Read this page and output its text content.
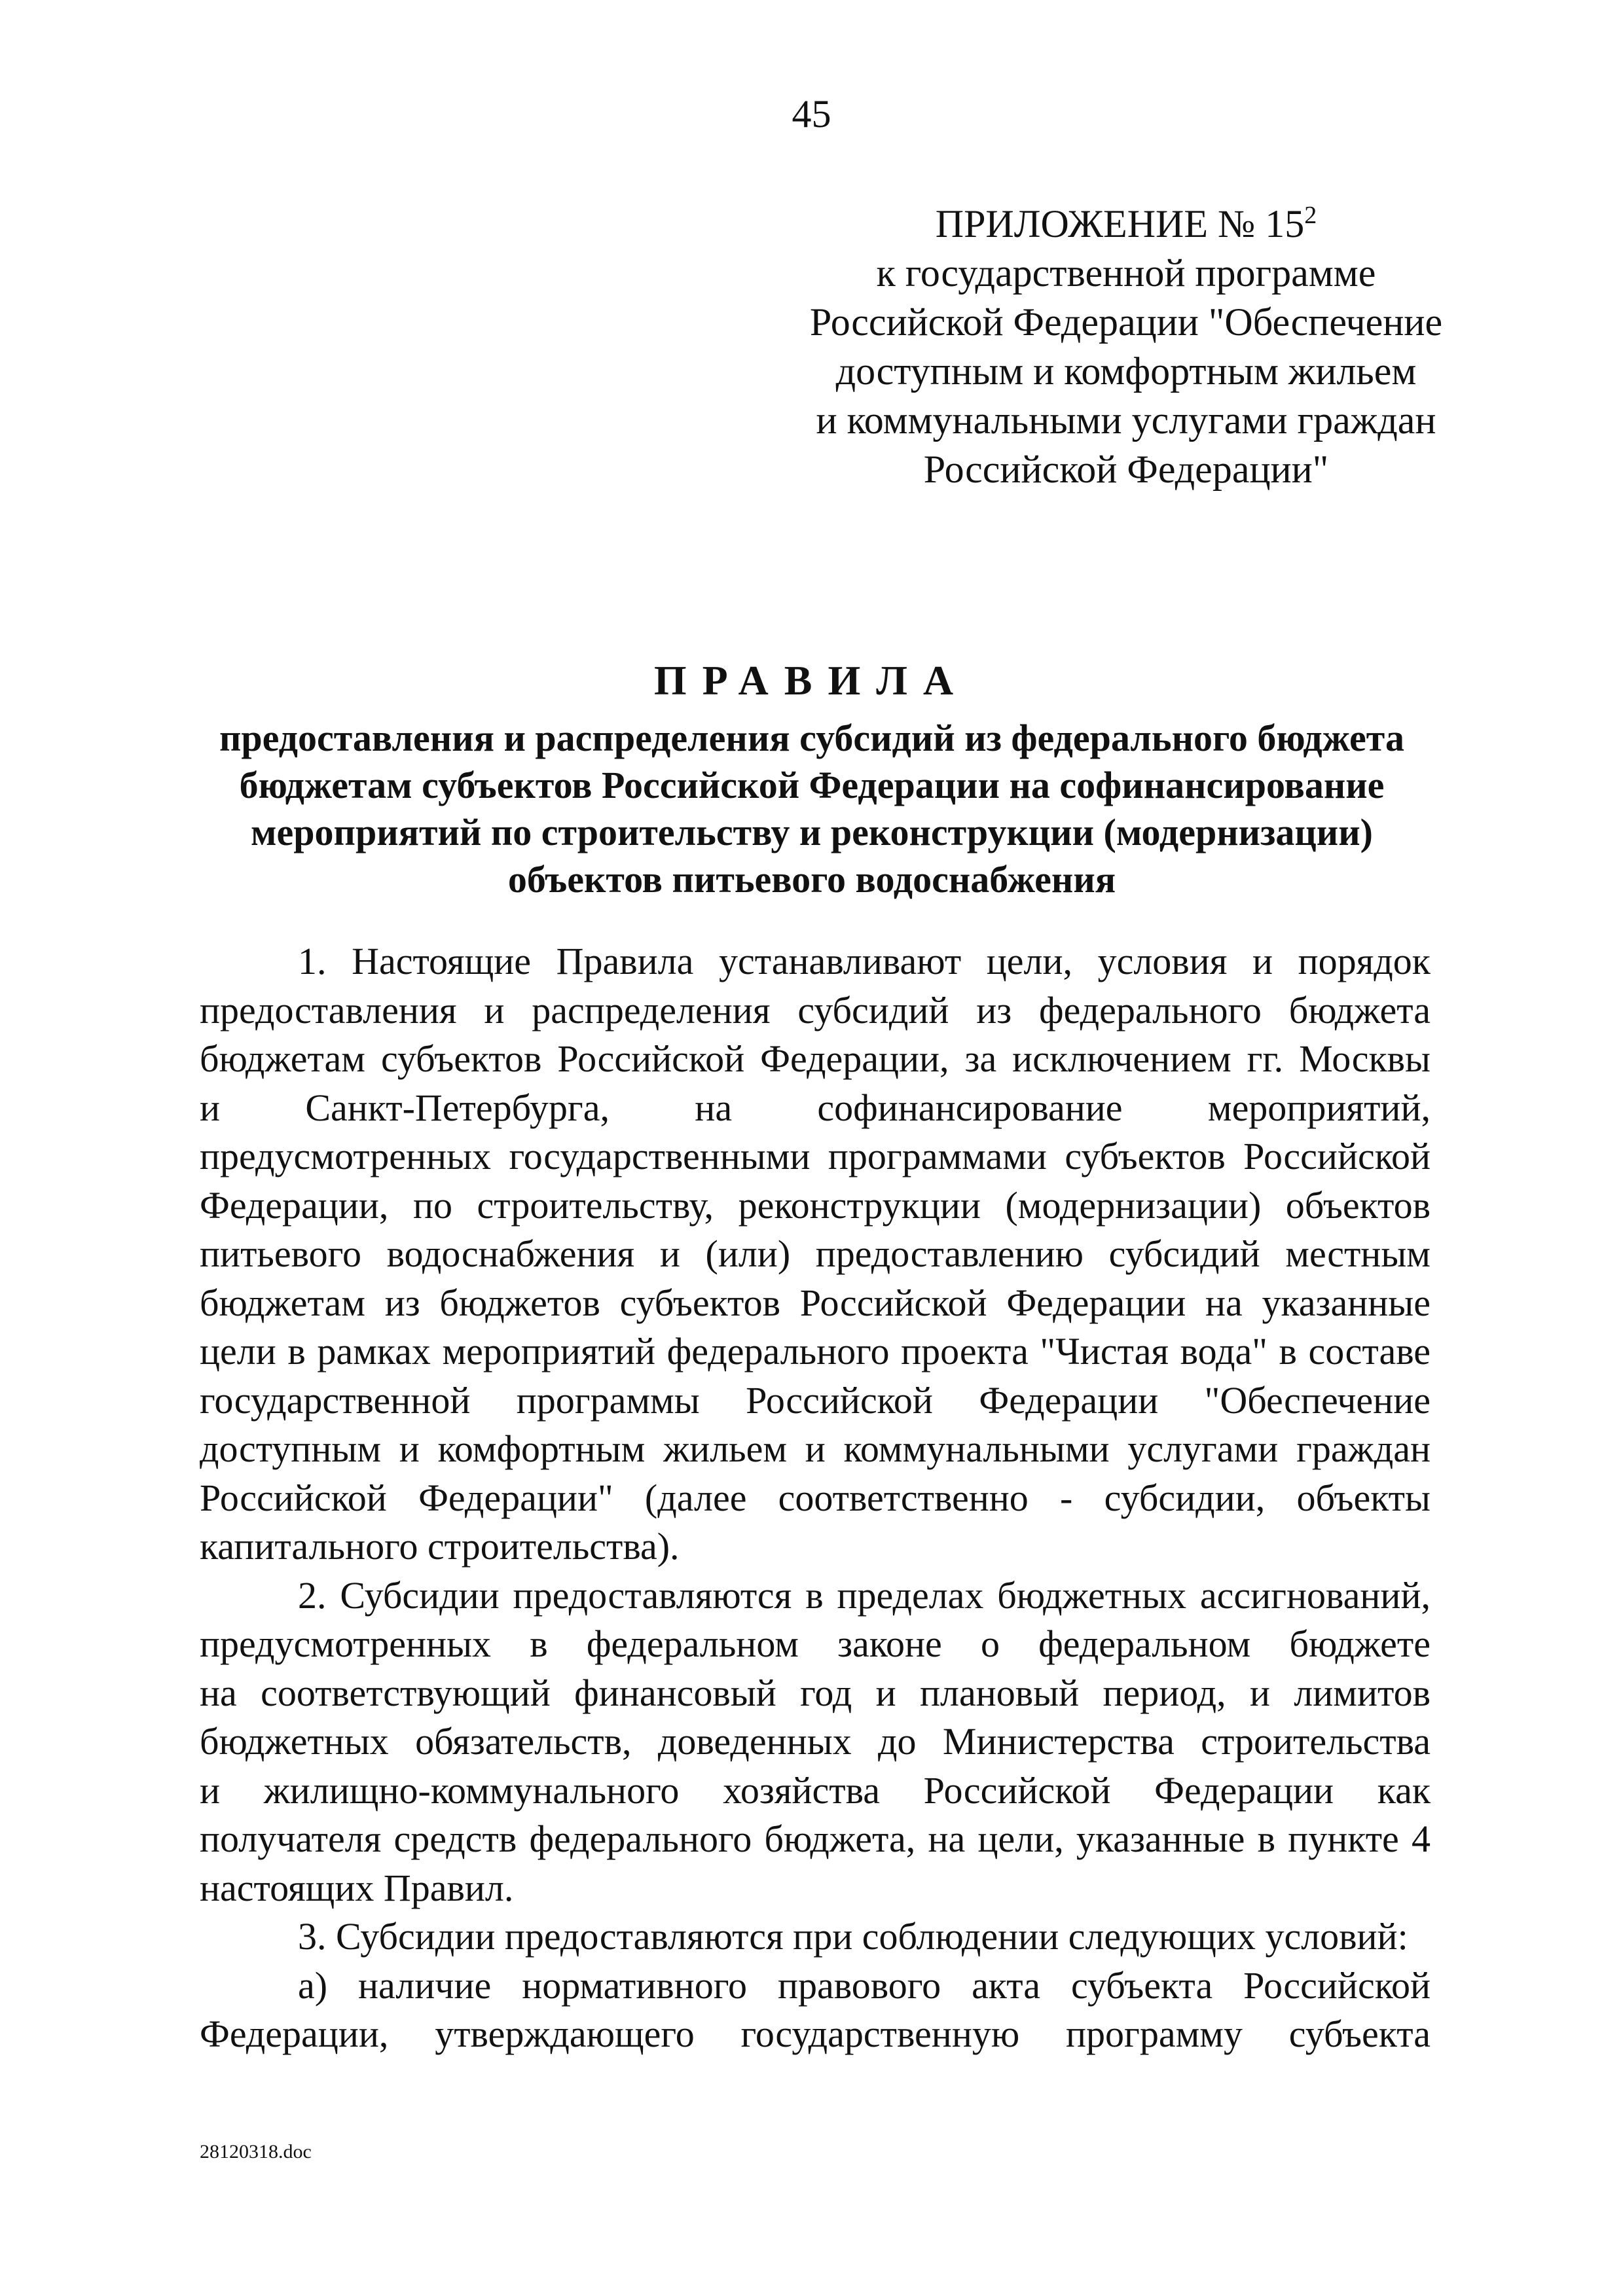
45
ПРИЛОЖЕНИЕ № $15^2$
к государственной программе
Российской Федерации "Обеспечение
доступным и комфортным жильем
и коммунальными услугами граждан
Российской Федерации"
ПРАВИЛА
предоставления и распределения субсидий из федерального бюджета
бюджетам субъектов Российской Федерации на софинансирование
мероприятий по строительству и реконструкции (модернизации)
объектов питьевого водоснабжения

1. Настоящие Правила устанавливают цели, условия и порядок
предоставления и распределения субсидий из федерального бюджета
бюджетам субъектов Российской Федерации, за исключением гг. Москвы
и Санкт-Петербурга, на софинансирование мероприятий,
предусмотренных государственными программами субъектов Российской
Федерации, по строительству, реконструкции (модернизации) объектов
питьевого водоснабжения и (или) предоставлению субсидий местным
бюджетам из бюджетов субъектов Российской Федерации на указанные
цели в рамках мероприятий федерального проекта "Чистая вода" в составе
государственной программы Российской Федерации "Обеспечение
доступным и комфортным жильем и коммунальными услугами граждан
Российской Федерации" (далее соответственно - субсидии, объекты
капитального строительства).

2. Субсидии предоставляются в пределах бюджетных ассигнований,
предусмотренных в федеральном законе о федеральном бюджете
на соответствующий финансовый год и плановый период, и лимитов
бюджетных обязательств, доведенных до Министерства строительства
и жилищно-коммунального хозяйства Российской Федерации как
получателя средств федерального бюджета, на цели, указанные в пункте 4
настоящих Правил.

3. Субсидии предоставляются при соблюдении следующих условий:

а) наличие нормативного правового акта субъекта Российской
Федерации, утверждающего государственную программу субъекта

28120318.doc
